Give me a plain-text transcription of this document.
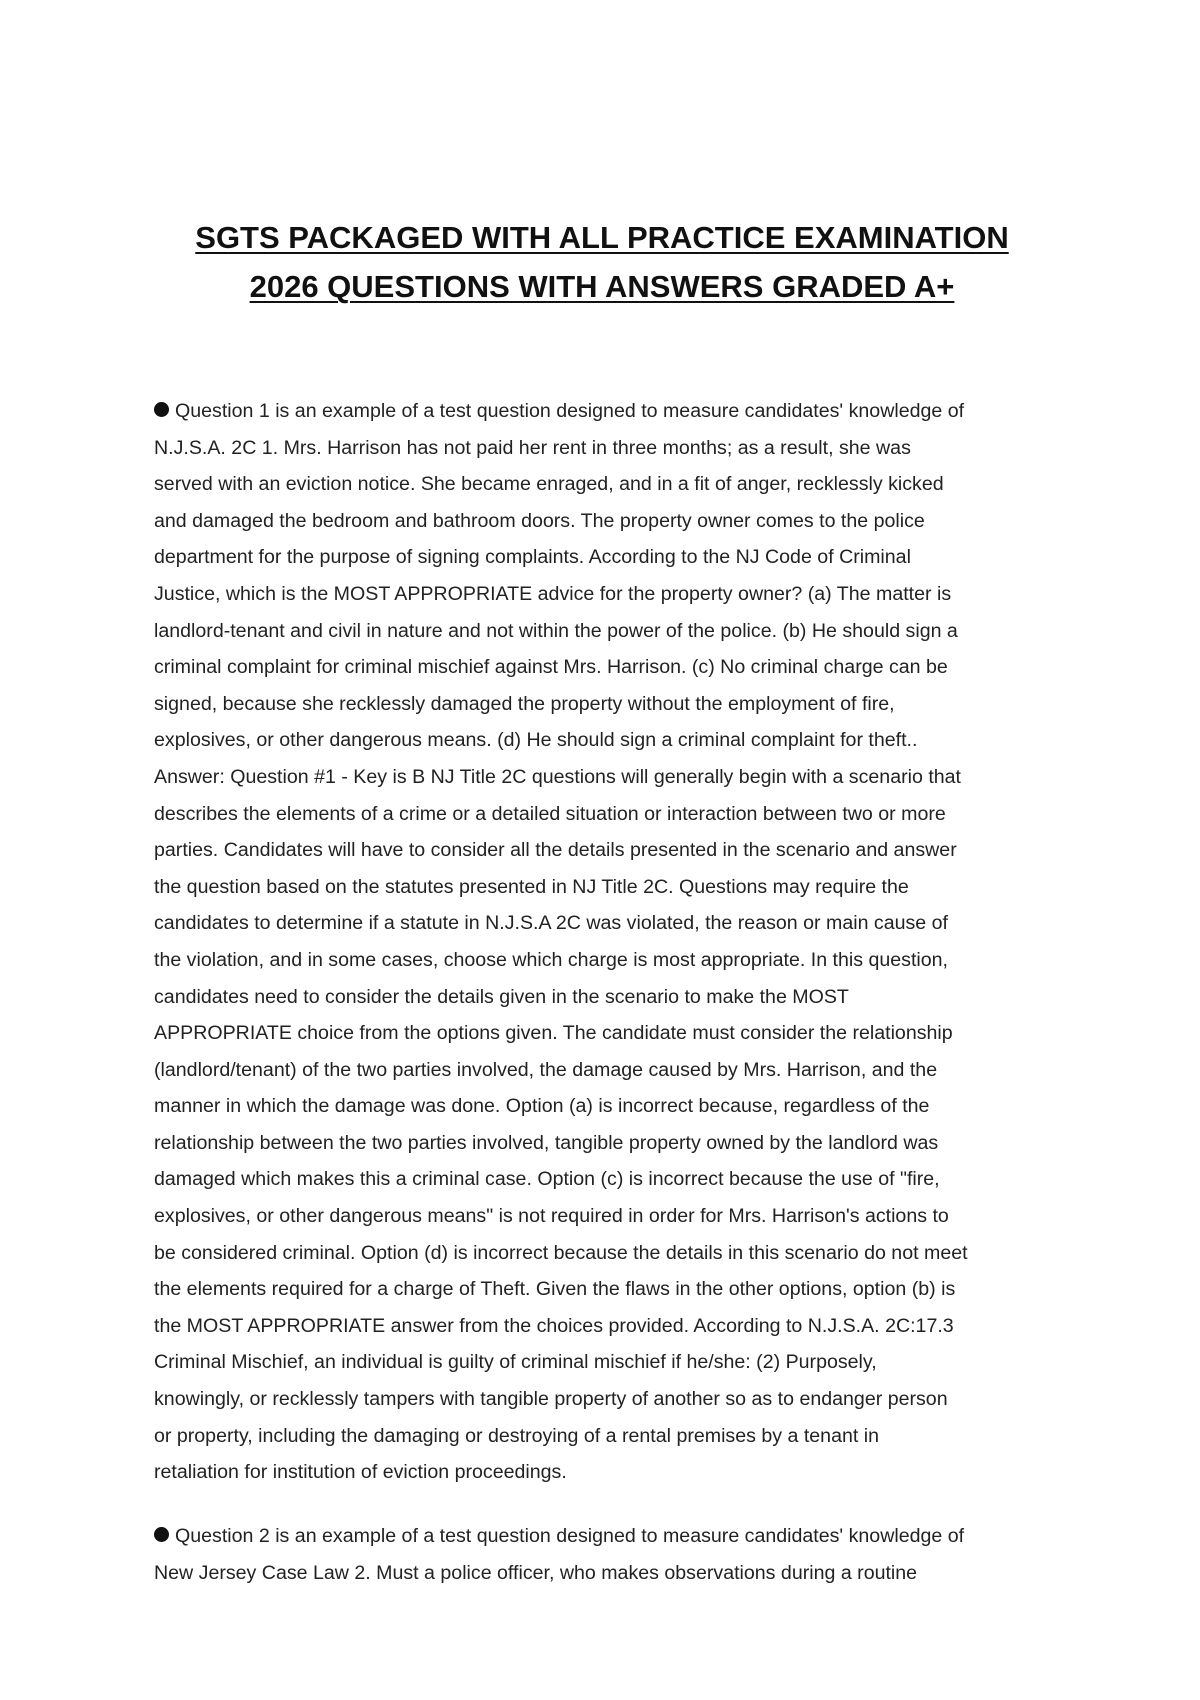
SGTS PACKAGED WITH ALL PRACTICE EXAMINATION
2026 QUESTIONS WITH ANSWERS GRADED A+
Question 1 is an example of a test question designed to measure candidates' knowledge of
N.J.S.A. 2C 1. Mrs. Harrison has not paid her rent in three months; as a result, she was
served with an eviction notice. She became enraged, and in a fit of anger, recklessly kicked
and damaged the bedroom and bathroom doors. The property owner comes to the police
department for the purpose of signing complaints. According to the NJ Code of Criminal
Justice, which is the MOST APPROPRIATE advice for the property owner? (a) The matter is
landlord-tenant and civil in nature and not within the power of the police. (b) He should sign a
criminal complaint for criminal mischief against Mrs. Harrison. (c) No criminal charge can be
signed, because she recklessly damaged the property without the employment of fire,
explosives, or other dangerous means. (d) He should sign a criminal complaint for theft..
Answer: Question #1 - Key is B NJ Title 2C questions will generally begin with a scenario that
describes the elements of a crime or a detailed situation or interaction between two or more
parties. Candidates will have to consider all the details presented in the scenario and answer
the question based on the statutes presented in NJ Title 2C. Questions may require the
candidates to determine if a statute in N.J.S.A 2C was violated, the reason or main cause of
the violation, and in some cases, choose which charge is most appropriate. In this question,
candidates need to consider the details given in the scenario to make the MOST
APPROPRIATE choice from the options given. The candidate must consider the relationship
(landlord/tenant) of the two parties involved, the damage caused by Mrs. Harrison, and the
manner in which the damage was done. Option (a) is incorrect because, regardless of the
relationship between the two parties involved, tangible property owned by the landlord was
damaged which makes this a criminal case. Option (c) is incorrect because the use of "fire,
explosives, or other dangerous means" is not required in order for Mrs. Harrison's actions to
be considered criminal. Option (d) is incorrect because the details in this scenario do not meet
the elements required for a charge of Theft. Given the flaws in the other options, option (b) is
the MOST APPROPRIATE answer from the choices provided. According to N.J.S.A. 2C:17.3
Criminal Mischief, an individual is guilty of criminal mischief if he/she: (2) Purposely,
knowingly, or recklessly tampers with tangible property of another so as to endanger person
or property, including the damaging or destroying of a rental premises by a tenant in
retaliation for institution of eviction proceedings.
Question 2 is an example of a test question designed to measure candidates' knowledge of
New Jersey Case Law 2. Must a police officer, who makes observations during a routine
